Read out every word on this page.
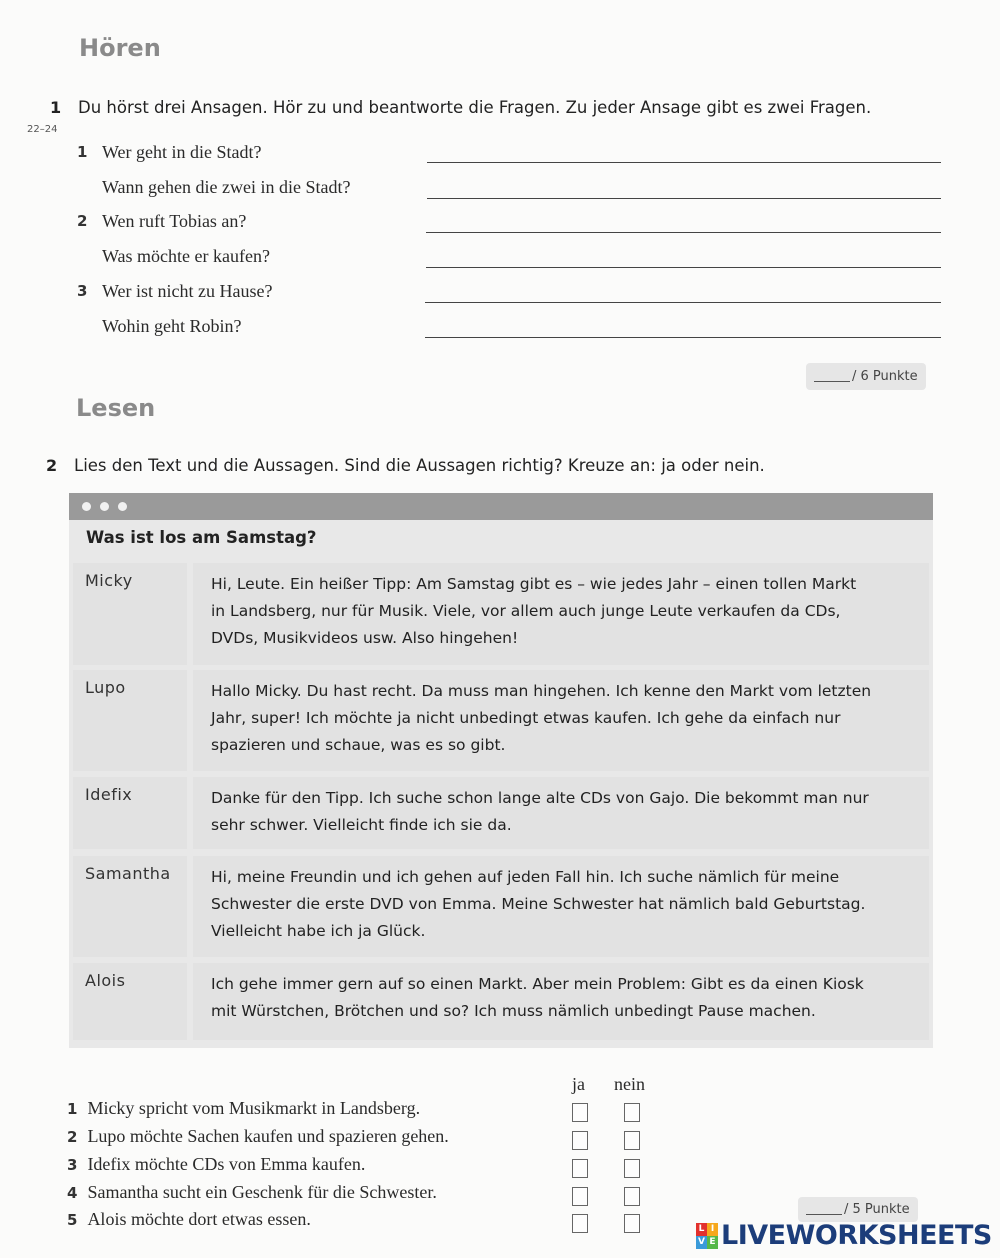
Hören
1
22–24
Du hörst drei Ansagen. Hör zu und beantworte die Fragen. Zu jeder Ansage gibt es zwei Fragen.
1 Wer geht in die Stadt?
Wann gehen die zwei in die Stadt?
2 Wen ruft Tobias an?
Was möchte er kaufen?
3 Wer ist nicht zu Hause?
Wohin geht Robin?
/ 6 Punkte
Lesen
2 Lies den Text und die Aussagen. Sind die Aussagen richtig? Kreuze an: ja oder nein.
Was ist los am Samstag?
Micky	Hi, Leute. Ein heißer Tipp: Am Samstag gibt es – wie jedes Jahr – einen tollen Markt
in Landsberg, nur für Musik. Viele, vor allem auch junge Leute verkaufen da CDs,
DVDs, Musikvideos usw. Also hingehen!
Lupo	Hallo Micky. Du hast recht. Da muss man hingehen. Ich kenne den Markt vom letzten
Jahr, super! Ich möchte ja nicht unbedingt etwas kaufen. Ich gehe da einfach nur
spazieren und schaue, was es so gibt.
Idefix	Danke für den Tipp. Ich suche schon lange alte CDs von Gajo. Die bekommt man nur
sehr schwer. Vielleicht finde ich sie da.
Samantha	Hi, meine Freundin und ich gehen auf jeden Fall hin. Ich suche nämlich für meine
Schwester die erste DVD von Emma. Meine Schwester hat nämlich bald Geburtstag.
Vielleicht habe ich ja Glück.
Alois	Ich gehe immer gern auf so einen Markt. Aber mein Problem: Gibt es da einen Kiosk
mit Würstchen, Brötchen und so? Ich muss nämlich unbedingt Pause machen.
ja nein
1 Micky spricht vom Musikmarkt in Landsberg.
2 Lupo möchte Sachen kaufen und spazieren gehen.
3 Idefix möchte CDs von Emma kaufen.
4 Samantha sucht ein Geschenk für die Schwester.
5 Alois möchte dort etwas essen.	/ 5 Punkte
L I
V E LIVEWORKSHEETS
